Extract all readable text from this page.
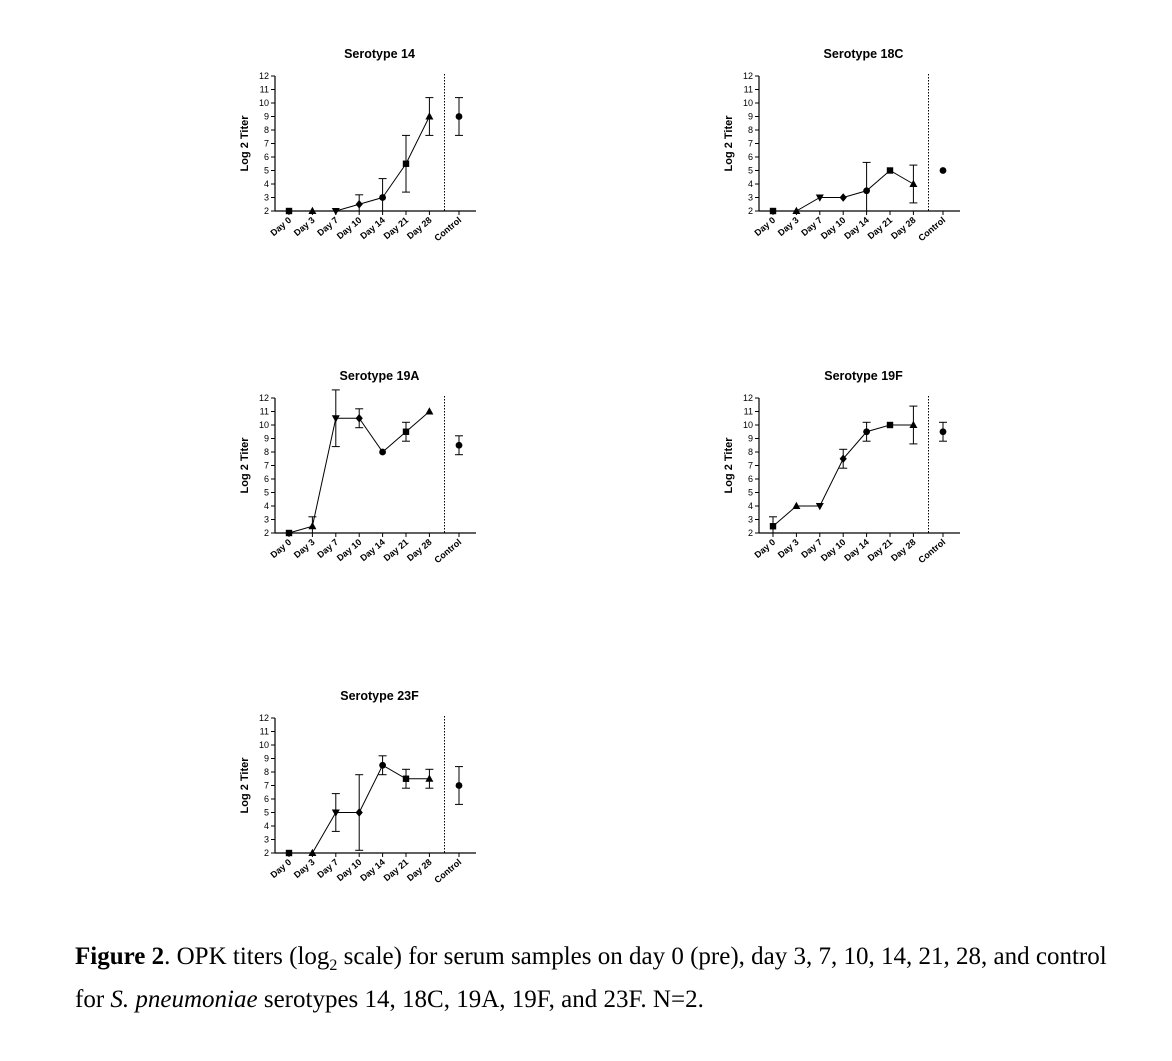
Serotype 14
Log 2 Titer
2
3
4
5
6
7
8
9
10
11
12
Day 0
Day 3
Day 7
Day 10
Day 14
Day 21
Day 28
Control
Serotype 18C
Log 2 Titer
2
3
4
5
6
7
8
9
10
11
12
Day 0
Day 3
Day 7
Day 10
Day 14
Day 21
Day 28
Control
Serotype 19A
Log 2 Titer
2
3
4
5
6
7
8
9
10
11
12
Day 0
Day 3
Day 7
Day 10
Day 14
Day 21
Day 28
Control
Serotype 19F
Log 2 Titer
2
3
4
5
6
7
8
9
10
11
12
Day 0
Day 3
Day 7
Day 10
Day 14
Day 21
Day 28
Control
Serotype 23F
Log 2 Titer
2
3
4
5
6
7
8
9
10
11
12
Day 0
Day 3
Day 7
Day 10
Day 14
Day 21
Day 28
Control
Figure 2. OPK titers ($\log_2$ scale) for serum samples on day 0 (pre), day 3, 7, 10, 14, 21, 28, and control for S. pneumoniae serotypes 14, 18C, 19A, 19F, and 23F. N=2.
